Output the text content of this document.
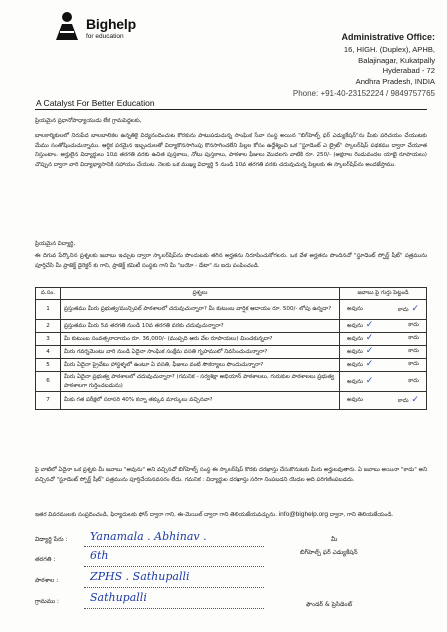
Bighelp
for education
A Catalyst For Better Education
Administrative Office:
16, HIGH. (Duplex), APHB,
Balajinagar, Kukatpally
Hyderabad - 72
Andhra Pradesh, INDIA
Phone: +91-40-23152224 / 9849757765
ప్రియమైన ప్రధానోపాధ్యాయుడు లేక గ్రామపెద్దలకు,
బాలకార్మికులలో నిరుపేద బాలబాలికల ఉన్నతికై విద్యనందించుట కొరకును పాటుపడుచున్న సాంఘిక సేవా సంస్థ అయిన "బిగ్‌హెల్ప్ ఫర్ ఎడ్యుకేషన్"ను మీకు పరిచయం చేయుటకు మేము సంతోషించుచున్నాము. ఆర్థిక పరమైన ఇబ్బందులతో విద్యాకొనసాగింపు కొనసాగించలేని పిల్లల కోసం ఉద్దేశ్యించి ఒక "స్టూడెంట్ ఎ బ్రైట్" స్కాలర్‌షిప్ పథకము ద్వారా చేయూత నిస్తుంటాం. అర్హులైన విద్యార్థులు 10వ తరగతి వరకు ఉచిత పుస్తకాలు, నోటు పుస్తకాలు, పాఠశాల ఫీజులు మొదలగు వాటికి రూ. 250/- (అక్షరాల రెండువందల యాభై రూపాయలు) చొప్పున ద్వారా వారి విద్యాభ్యాసానికి సహాయం చేయుట. నెలకు ఒక ముఖ్య విద్యార్థి 5 నుండి 10వ తరగతి వరకు చదువుచున్న పిల్లలకు ఈ స్కాలర్‌షిప్‌ను అందజేస్తాము.
ప్రియమైన విద్యార్థి,
ఈ దిగువ పేర్కొనిన ప్రశ్నలకు జవాబు ఇచ్చుట ద్వారా స్కాలర్‌షిప్‌ను పొందుటకు తగిన అర్హతను నిరూపించుకోగలరు. ఒక వేళ అర్హతను పొందినచో "స్టూడెంట్ స్ఫోర్ట్ షీట్" పత్రమును పూర్తిచేసి మీ ప్రాజెక్ట్ డైరెక్టర్ కు గాని, ప్రాజెక్ట్ కమిటీ సంస్థకు గాని మీ "బయో - డేటా" ను ఐదు పంపించండి.
వ.సం.	ప్రశ్నలు	జవాబు పై గుర్తు పెట్టండి
1	ప్రస్తుతము మీరు ప్రభుత్వ/మున్సిపల్ పాఠశాలలో చదువుచున్నారా? మీ కుటుంబ వార్షిక ఆదాయం రూ. 500/- లోపు ఉన్నదా?	అవును కాదు ✓

2	ప్రస్తుతము మీరు 5వ తరగతి నుండి 10వ తరగతి వరకు చదువుచున్నారా?	అవును ✓ కాదు

3	మీ కుటుంబ సంవత్సరాదాయం రూ. 36,000/- (ముప్పది ఆరు వేల రూపాయలు) మించకున్నదా?	అవును ✓ కాదు

4	మీరు గవర్నమెంటు వారి నుండి ఏదైనా సాంఘిక సంక్షేమ వసతి గృహములో నివసించుచున్నారా?	అవును ✓ కాదు

5	మీరు ఏదైనా ప్రైవేటు హాస్టళ్ళలో ఉంటూ ఏ వసతి, ఫీజులు వంటి సౌకర్యాలు పొందుచున్నారా?	అవును ✓ కాదు

6	మీరు ఏదైనా ప్రభుత్వ పాఠశాలలో చదువుచున్నారా? (గమనిక - సర్వశిక్షా అభియాన్ పాఠశాలలు, గురుకుల పాఠశాలలు ప్రభుత్వ పాఠశాలగా గుర్తించబడును)	అవును ✓ కాదు

7	మీకు గత పరీక్షలో సరాసరి 40% కన్నా తక్కువ మార్కులు వచ్చినవా?	అవును కాదు ✓
పై వాటిలో ఏదైనా ఒక ప్రశ్నకు మీ జవాబు "అవును" అని వచ్చినచో బిగ్‌హెల్ప్ సంస్థ ఈ స్కాలర్‌షిప్ కొరకు దరఖాస్తు చేసుకొనుటకు మీరు అర్హులవుతారు. ఏ జవాబు అయినా "కాదు" అని వచ్చినచో "స్టూడెంట్ స్ఫోర్ట్ షీట్" పత్రమును పూర్తిచేయనవసరం లేదు. గమనిక : విద్యార్థుల దరఖాస్తు సరిగా నింపబడని యెడల అది పరిగణింపబడదు.
ఇతర వివరములకు సంప్రదించండి, ఫిర్యాదులకు ఫోన్ ద్వారా గాని, ఈ-మెయిల్ ద్వారా గాని తెలియజేయవచ్చును. info@bighelp.org ద్వారా, గాని తెలియజేయండి.
విద్యార్థి పేరు : Yanamala . Abhinav .
తరగతి :	6th
పాఠశాల :	ZPHS . Sathupalli
గ్రామము :	Sathupalli
మీ
బిగ్‌హెల్ప్ ఫర్ ఎడ్యుకేషన్
ఫౌండర్ & ప్రెసిడెంట్
